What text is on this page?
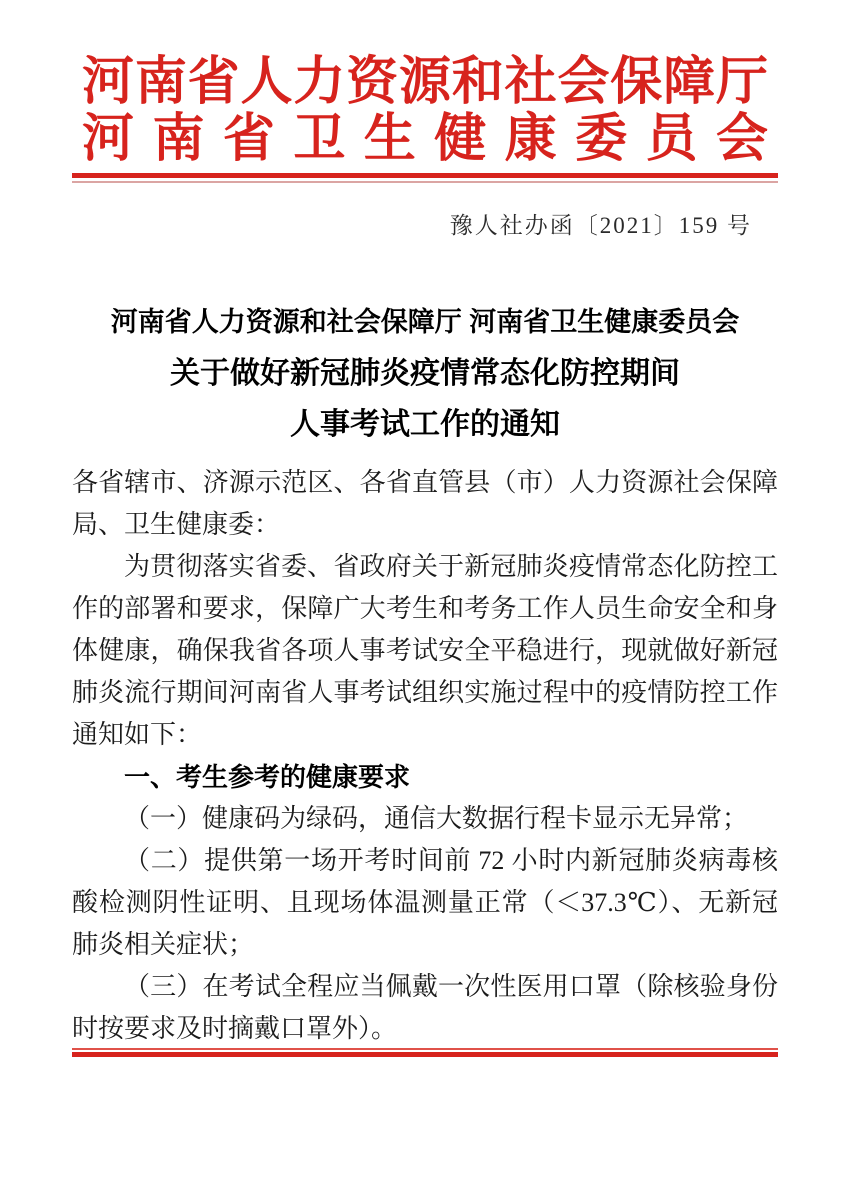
河 南 省 人 力 资 源 和 社 会 保 障 厅
河 南 省 卫 生 健 康 委 员 会
豫人社办函〔2021〕159 号
河南省人力资源和社会保障厅 河南省卫生健康委员会
关于做好新冠肺炎疫情常态化防控期间
人事考试工作的通知

各省辖市、济源示范区、各省直管县（市）人力资源社会保障局、卫生健康委：

为贯彻落实省委、省政府关于新冠肺炎疫情常态化防控工作的部署和要求，保障广大考生和考务工作人员生命安全和身体健康，确保我省各项人事考试安全平稳进行，现就做好新冠肺炎流行期间河南省人事考试组织实施过程中的疫情防控工作通知如下：

一、考生参考的健康要求

（一）健康码为绿码，通信大数据行程卡显示无异常；

（二）提供第一场开考时间前 72 小时内新冠肺炎病毒核酸检测阴性证明、且现场体温测量正常（＜37.3℃）、无新冠肺炎相关症状；

（三）在考试全程应当佩戴一次性医用口罩（除核验身份时按要求及时摘戴口罩外）。
